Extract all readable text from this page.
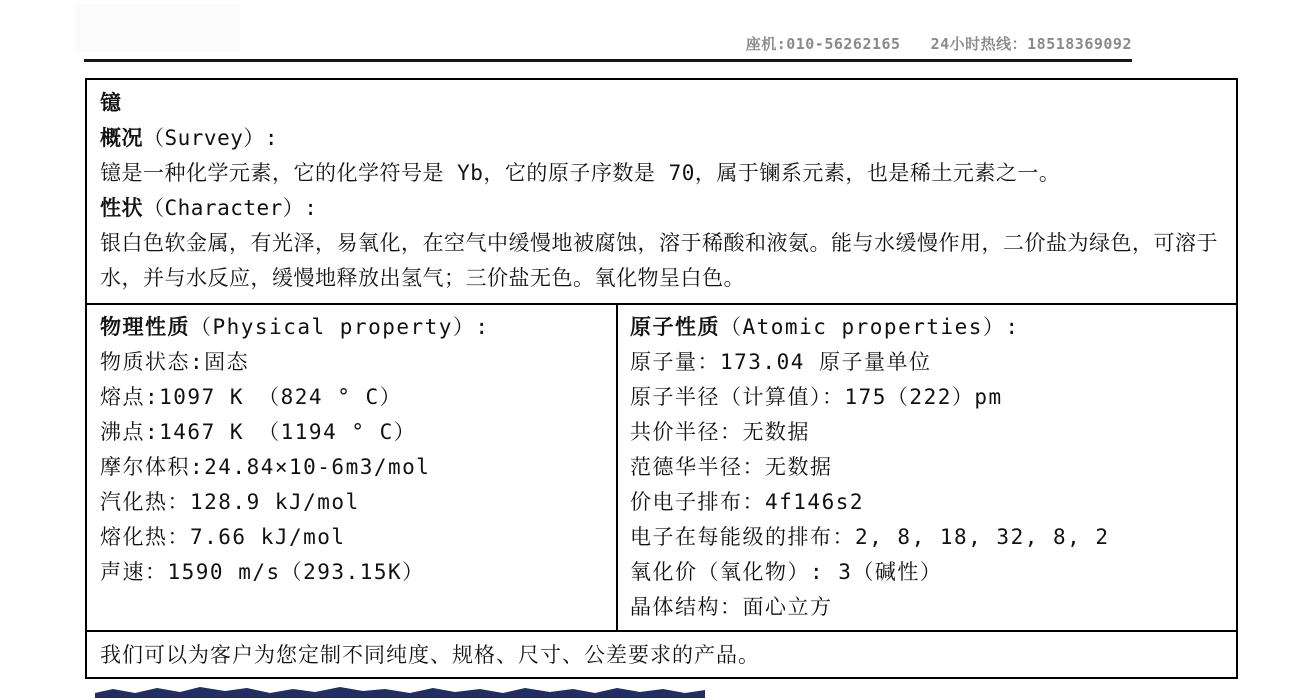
座机:010-56262165 24小时热线：18518369092
镱
概况（Survey）:
镱是一种化学元素，它的化学符号是 Yb，它的原子序数是 70，属于镧系元素，也是稀土元素之一。
性状（Character）:
银白色软金属，有光泽，易氧化，在空气中缓慢地被腐蚀，溶于稀酸和液氨。能与水缓慢作用，二价盐为绿色，可溶于水，并与水反应，缓慢地释放出氢气；三价盐无色。氧化物呈白色。
物理性质（Physical property）:
物质状态:固态
熔点:1097 K （824 ° C）
沸点:1467 K （1194 ° C）
摩尔体积:24.84×10-6m3/mol
汽化热：128.9 kJ/mol
熔化热：7.66 kJ/mol
声速：1590 m/s（293.15K）
原子性质（Atomic properties）:
原子量：173.04 原子量单位
原子半径（计算值）：175（222）pm
共价半径：无数据
范德华半径：无数据
价电子排布：4f146s2
电子在每能级的排布：2, 8, 18, 32, 8, 2
氧化价（氧化物）: 3（碱性）
晶体结构：面心立方
我们可以为客户为您定制不同纯度、规格、尺寸、公差要求的产品。
